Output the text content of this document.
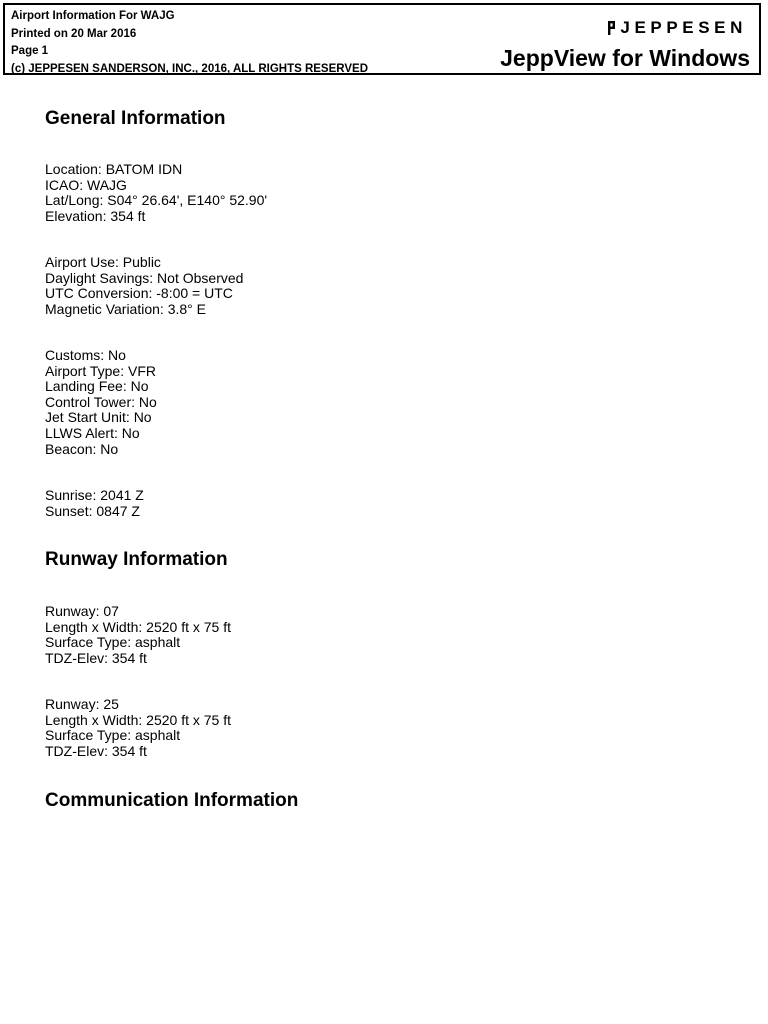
Airport Information For WAJG
Printed on 20 Mar 2016
Page 1
(c) JEPPESEN SANDERSON, INC., 2016, ALL RIGHTS RESERVED
JEPPESEN
JeppView for Windows
General Information
Location: BATOM IDN
ICAO: WAJG
Lat/Long: S04° 26.64', E140° 52.90'
Elevation: 354 ft
Airport Use: Public
Daylight Savings: Not Observed
UTC Conversion: -8:00 = UTC
Magnetic Variation: 3.8° E
Customs: No
Airport Type: VFR
Landing Fee: No
Control Tower: No
Jet Start Unit: No
LLWS Alert: No
Beacon: No
Sunrise: 2041 Z
Sunset: 0847 Z
Runway Information
Runway: 07
Length x Width: 2520 ft x 75 ft
Surface Type: asphalt
TDZ-Elev: 354 ft
Runway: 25
Length x Width: 2520 ft x 75 ft
Surface Type: asphalt
TDZ-Elev: 354 ft
Communication Information
